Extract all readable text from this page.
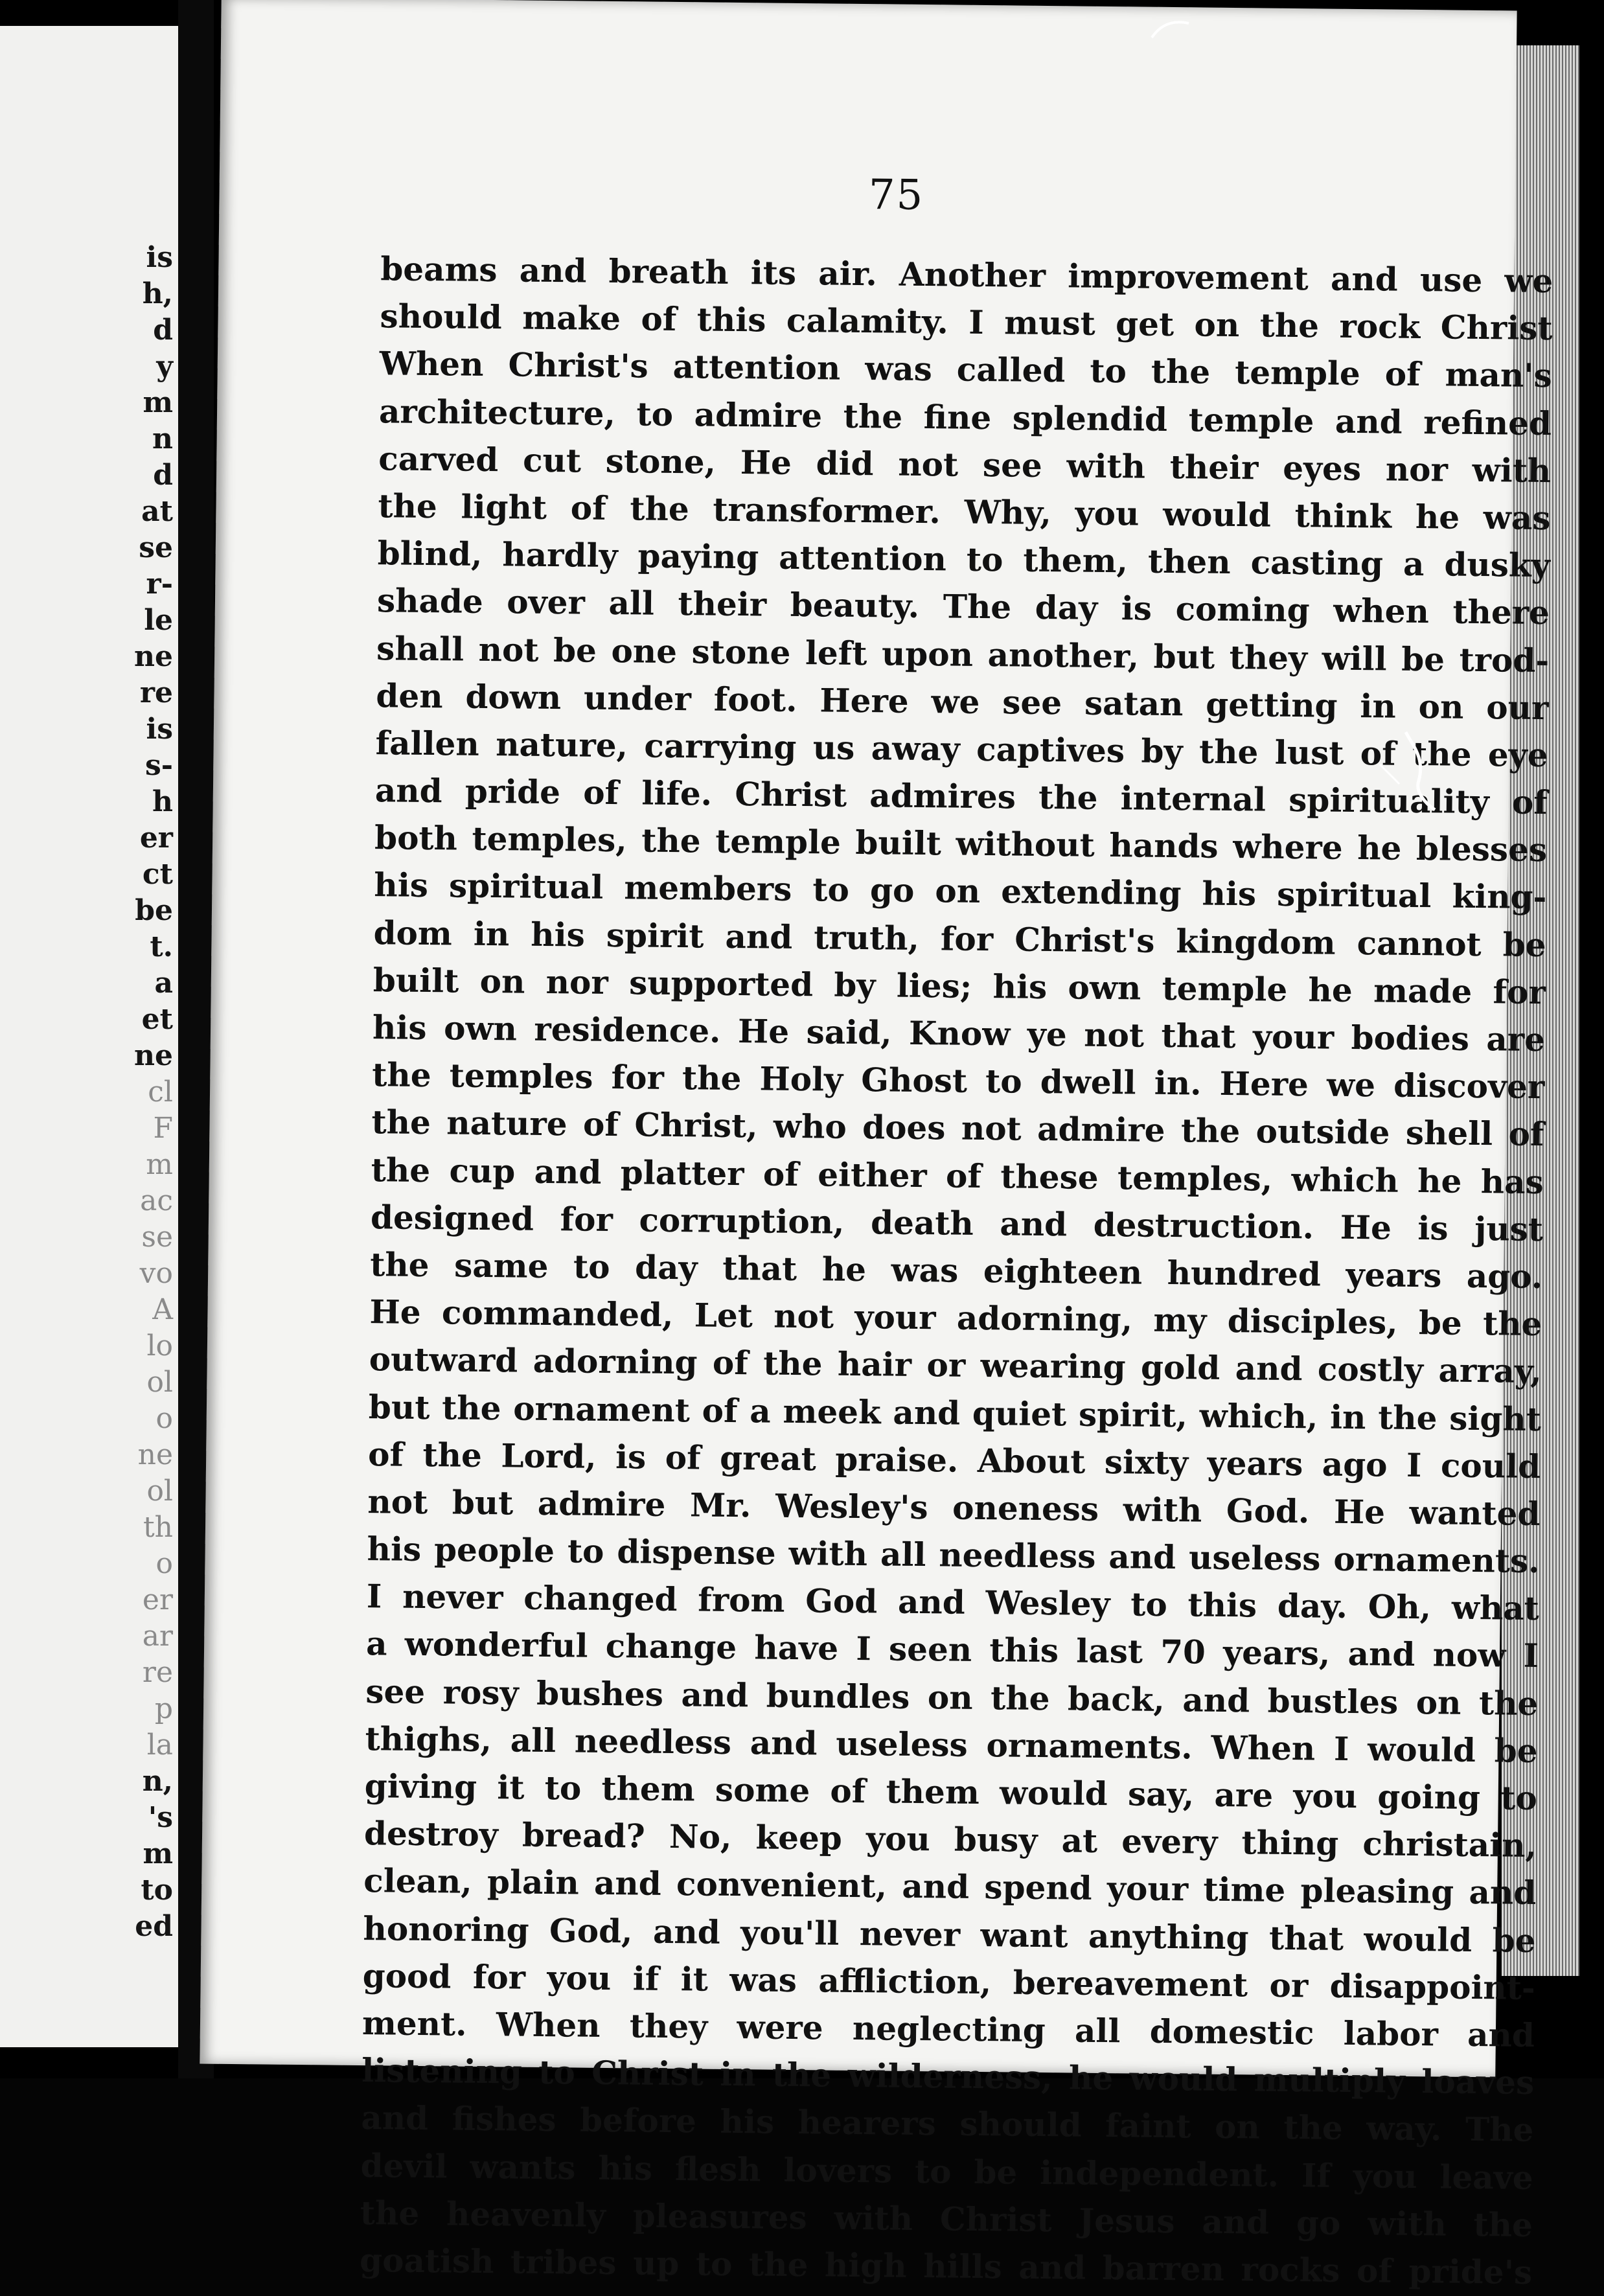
is
h,
d
y
m
n
d
at
se
r-
le
ne
re
is
s-
h
er
ct
be
t.
a
et
ne
cl
F
m
ac
se
vo
A
lo
ol
o
ne
ol
th
o
er
ar
re
p
la
n,
's
m
to
ed
75
beams and breath its air. Another improvement and use we
should make of this calamity. I must get on the rock Christ
When Christ's attention was called to the temple of man's
architecture, to admire the fine splendid temple and refined
carved cut stone, He did not see with their eyes nor with
the light of the transformer. Why, you would think he was
blind, hardly paying attention to them, then casting a dusky
shade over all their beauty. The day is coming when there
shall not be one stone left upon another, but they will be trod-
den down under foot. Here we see satan getting in on our
fallen nature, carrying us away captives by the lust of the eye
and pride of life. Christ admires the internal spirituality of
both temples, the temple built without hands where he blesses
his spiritual members to go on extending his spiritual king-
dom in his spirit and truth, for Christ's kingdom cannot be
built on nor supported by lies; his own temple he made for
his own residence. He said, Know ye not that your bodies are
the temples for the Holy Ghost to dwell in. Here we discover
the nature of Christ, who does not admire the outside shell of
the cup and platter of either of these temples, which he has
designed for corruption, death and destruction. He is just
the same to day that he was eighteen hundred years ago.
He commanded, Let not your adorning, my disciples, be the
outward adorning of the hair or wearing gold and costly array,
but the ornament of a meek and quiet spirit, which, in the sight
of the Lord, is of great praise. About sixty years ago I could
not but admire Mr. Wesley's oneness with God. He wanted
his people to dispense with all needless and useless ornaments.
I never changed from God and Wesley to this day. Oh, what
a wonderful change have I seen this last 70 years, and now I
see rosy bushes and bundles on the back, and bustles on the
thighs, all needless and useless ornaments. When I would be
giving it to them some of them would say, are you going to
destroy bread? No, keep you busy at every thing christain,
clean, plain and convenient, and spend your time pleasing and
honoring God, and you'll never want anything that would be
good for you if it was affliction, bereavement or disappoint-
ment. When they were neglecting all domestic labor and
listening to Christ in the wilderness, he would multiply loaves
and fishes before his hearers should faint on the way. The
devil wants his flesh lovers to be independent. If you leave
the heavenly pleasures with Christ Jesus and go with the
goatish tribes up to the high hills and barren rocks of pride's
